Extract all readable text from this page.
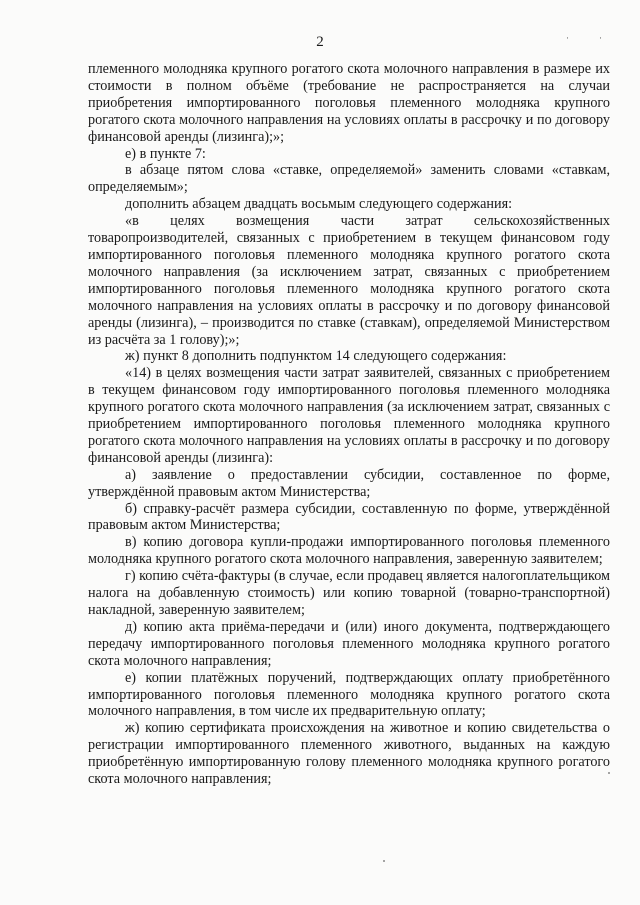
2	··

племенного молодняка крупного рогатого скота молочного направления в размере их стоимости в полном объёме (требование не распространяется на случаи приобретения импортированного поголовья племенного молодняка крупного рогатого скота молочного направления на условиях оплаты в рассрочку и по договору финансовой аренды (лизинга);»;

е) в пункте 7:

в абзаце пятом слова «ставке, определяемой» заменить словами «ставкам, определяемым»;

дополнить абзацем двадцать восьмым следующего содержания:

«в целях возмещения части затрат сельскохозяйственных товаропроизводителей, связанных с приобретением в текущем финансовом году импортированного поголовья племенного молодняка крупного рогатого скота молочного направления (за исключением затрат, связанных с приобретением импортированного поголовья племенного молодняка крупного рогатого скота молочного направления на условиях оплаты в рассрочку и по договору финансовой аренды (лизинга), – производится по ставке (ставкам), определяемой Министерством из расчёта за 1 голову);»;

ж) пункт 8 дополнить подпунктом 14 следующего содержания:

«14) в целях возмещения части затрат заявителей, связанных с приобретением в текущем финансовом году импортированного поголовья племенного молодняка крупного рогатого скота молочного направления (за исключением затрат, связанных с приобретением импортированного поголовья племенного молодняка крупного рогатого скота молочного направления на условиях оплаты в рассрочку и по договору финансовой аренды (лизинга):

а) заявление о предоставлении субсидии, составленное по форме, утверждённой правовым актом Министерства;

б) справку-расчёт размера субсидии, составленную по форме, утверждённой правовым актом Министерства;

в) копию договора купли-продажи импортированного поголовья племенного молодняка крупного рогатого скота молочного направления, заверенную заявителем;

г) копию счёта-фактуры (в случае, если продавец является налогоплательщиком налога на добавленную стоимость) или копию товарной (товарно-транспортной) накладной, заверенную заявителем;

д) копию акта приёма-передачи и (или) иного документа, подтверждающего передачу импортированного поголовья племенного молодняка крупного рогатого скота молочного направления;

е) копии платёжных поручений, подтверждающих оплату приобретённого импортированного поголовья племенного молодняка крупного рогатого скота молочного направления, в том числе их предварительную оплату;

ж) копию сертификата происхождения на животное и копию свидетельства о регистрации импортированного племенного животного, выданных на каждую приобретённую импортированную голову племенного молодняка крупного рогатого скота молочного направления;
